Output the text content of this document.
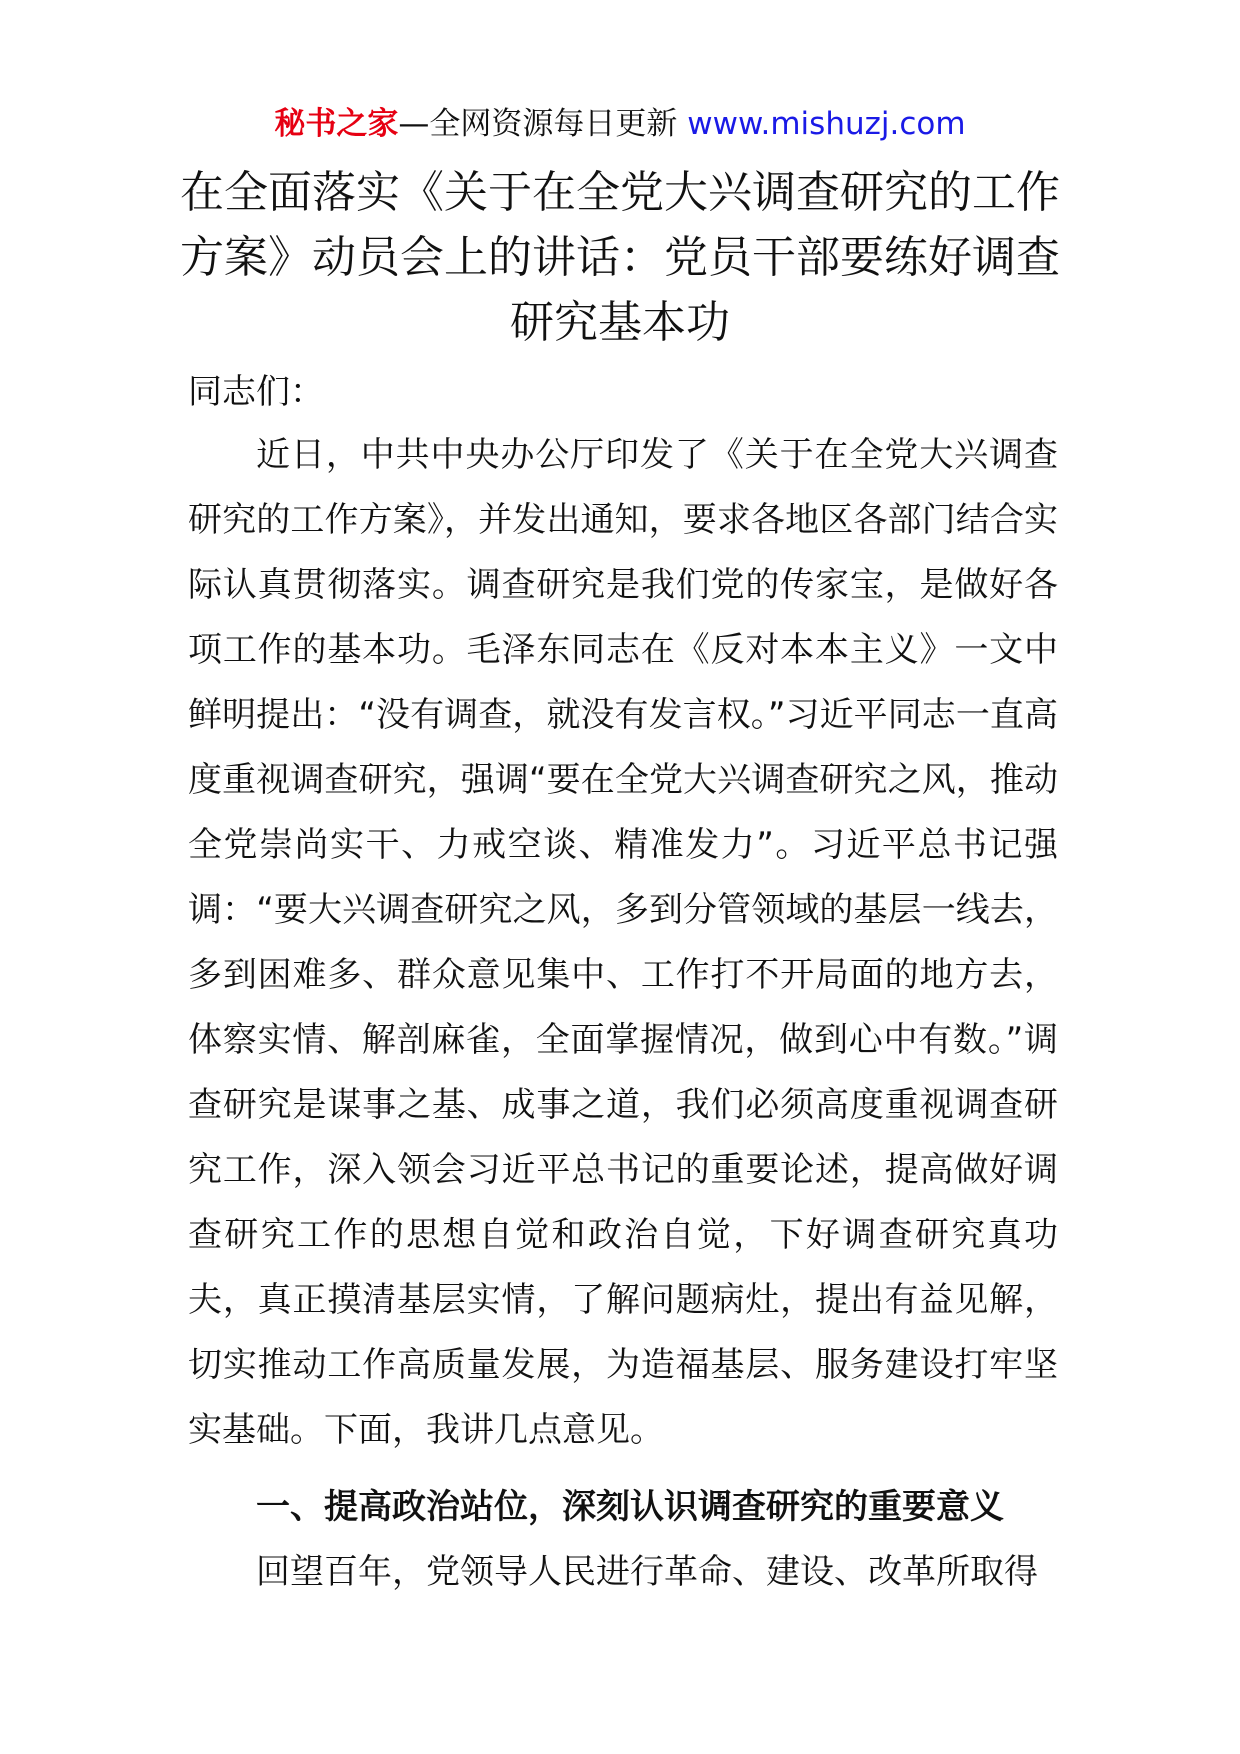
秘书之家—全网资源每日更新 www.mishuzj.com
在全面落实《关于在全党大兴调查研究的工作方案》动员会上的讲话：党员干部要练好调查研究基本功
同志们：
近日，中共中央办公厅印发了《关于在全党大兴调查研究的工作方案》，并发出通知，要求各地区各部门结合实际认真贯彻落实。调查研究是我们党的传家宝，是做好各项工作的基本功。毛泽东同志在《反对本本主义》一文中鲜明提出：“没有调查，就没有发言权。”习近平同志一直高度重视调查研究，强调“要在全党大兴调查研究之风，推动全党崇尚实干、力戒空谈、精准发力”。习近平总书记强调：“要大兴调查研究之风，多到分管领域的基层一线去，多到困难多、群众意见集中、工作打不开局面的地方去，体察实情、解剖麻雀，全面掌握情况，做到心中有数。”调查研究是谋事之基、成事之道，我们必须高度重视调查研究工作，深入领会习近平总书记的重要论述，提高做好调查研究工作的思想自觉和政治自觉，下好调查研究真功夫，真正摸清基层实情，了解问题病灶，提出有益见解，切实推动工作高质量发展，为造福基层、服务建设打牢坚实基础。下面，我讲几点意见。
一、提高政治站位，深刻认识调查研究的重要意义
回望百年，党领导人民进行革命、建设、改革所取得
